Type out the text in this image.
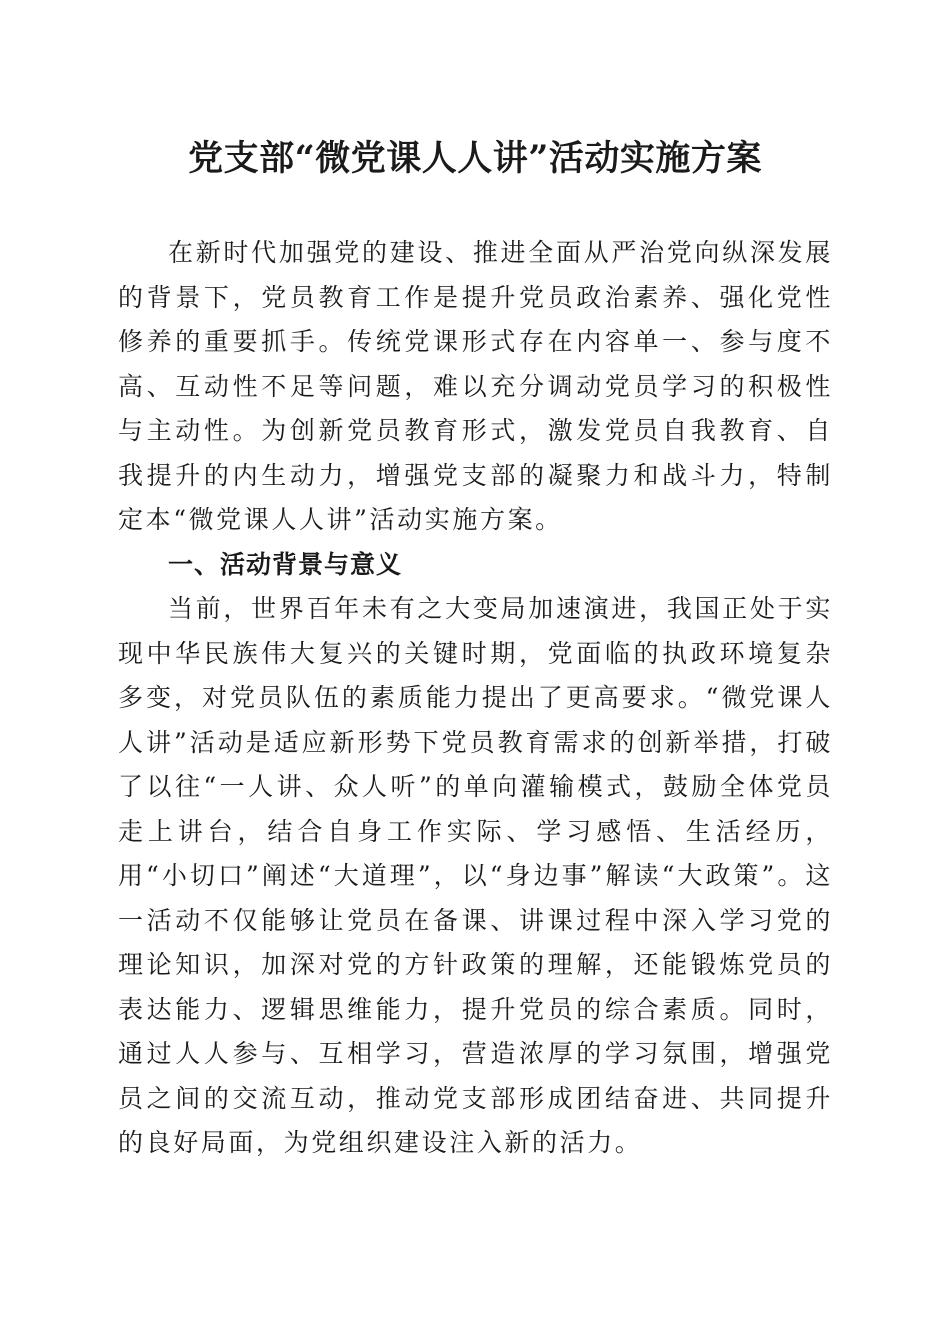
党支部“微党课人人讲”活动实施方案

在新时代加强党的建设、推进全面从严治党向纵深发展的背景下，党员教育工作是提升党员政治素养、强化党性修养的重要抓手。传统党课形式存在内容单一、参与度不高、互动性不足等问题，难以充分调动党员学习的积极性与主动性。为创新党员教育形式，激发党员自我教育、自我提升的内生动力，增强党支部的凝聚力和战斗力，特制定本“微党课人人讲”活动实施方案。

一、活动背景与意义

当前，世界百年未有之大变局加速演进，我国正处于实现中华民族伟大复兴的关键时期，党面临的执政环境复杂多变，对党员队伍的素质能力提出了更高要求。“微党课人人讲”活动是适应新形势下党员教育需求的创新举措，打破了以往“一人讲、众人听”的单向灌输模式，鼓励全体党员走上讲台，结合自身工作实际、学习感悟、生活经历，用“小切口”阐述“大道理”，以“身边事”解读“大政策”。这一活动不仅能够让党员在备课、讲课过程中深入学习党的理论知识，加深对党的方针政策的理解，还能锻炼党员的表达能力、逻辑思维能力，提升党员的综合素质。同时，通过人人参与、互相学习，营造浓厚的学习氛围，增强党员之间的交流互动，推动党支部形成团结奋进、共同提升的良好局面，为党组织建设注入新的活力。
